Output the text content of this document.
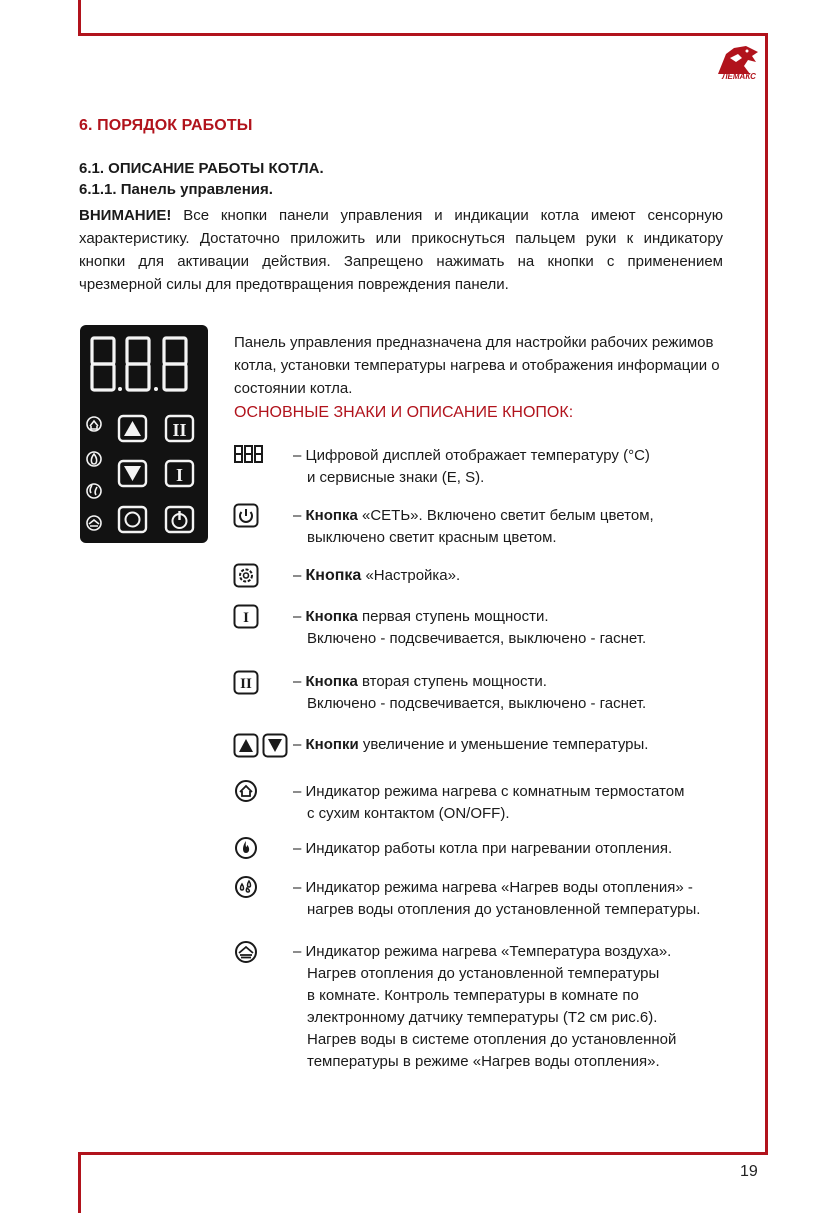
ЛЕМАКС
19
6. ПОРЯДОК РАБОТЫ
6.1. ОПИСАНИЕ РАБОТЫ КОТЛА.
6.1.1. Панель управления.
ВНИМАНИЕ! Все кнопки панели управления и индикации котла имеют сенсорную характеристику. Достаточно приложить или прикоснуться пальцем руки к индикатору кнопки для активации действия. Запрещено нажимать на кнопки с применением чрезмерной силы для предотвращения повреждения панели.
II
I
Панель управления предназначена для настройки рабочих режимов котла, установки температуры нагрева и отображения информации о состоянии котла.
ОСНОВНЫЕ ЗНАКИ И ОПИСАНИЕ КНОПОК:
I
II
– Цифровой дисплей отображает температуру (°С)
и сервисные знаки (E, S).
– Кнопка «СЕТЬ». Включено светит белым цветом,
выключено светит красным цветом.
– Кнопка «Настройка».
– Кнопка первая ступень мощности.
Включено - подсвечивается, выключено - гаснет.
– Кнопка вторая ступень мощности.
Включено - подсвечивается, выключено - гаснет.
– Кнопки увеличение и уменьшение температуры.
– Индикатор режима нагрева с комнатным термостатом
с сухим контактом (ON/OFF).
– Индикатор работы котла при нагревании отопления.
– Индикатор режима нагрева «Нагрев воды отопления» -
нагрев воды отопления до установленной температуры.
– Индикатор режима нагрева «Температура воздуха».
Нагрев отопления до установленной температуры
в комнате. Контроль температуры в комнате по
электронному датчику температуры (Т2 см рис.6).
Нагрев воды в системе отопления до установленной
температуры в режиме «Нагрев воды отопления».
